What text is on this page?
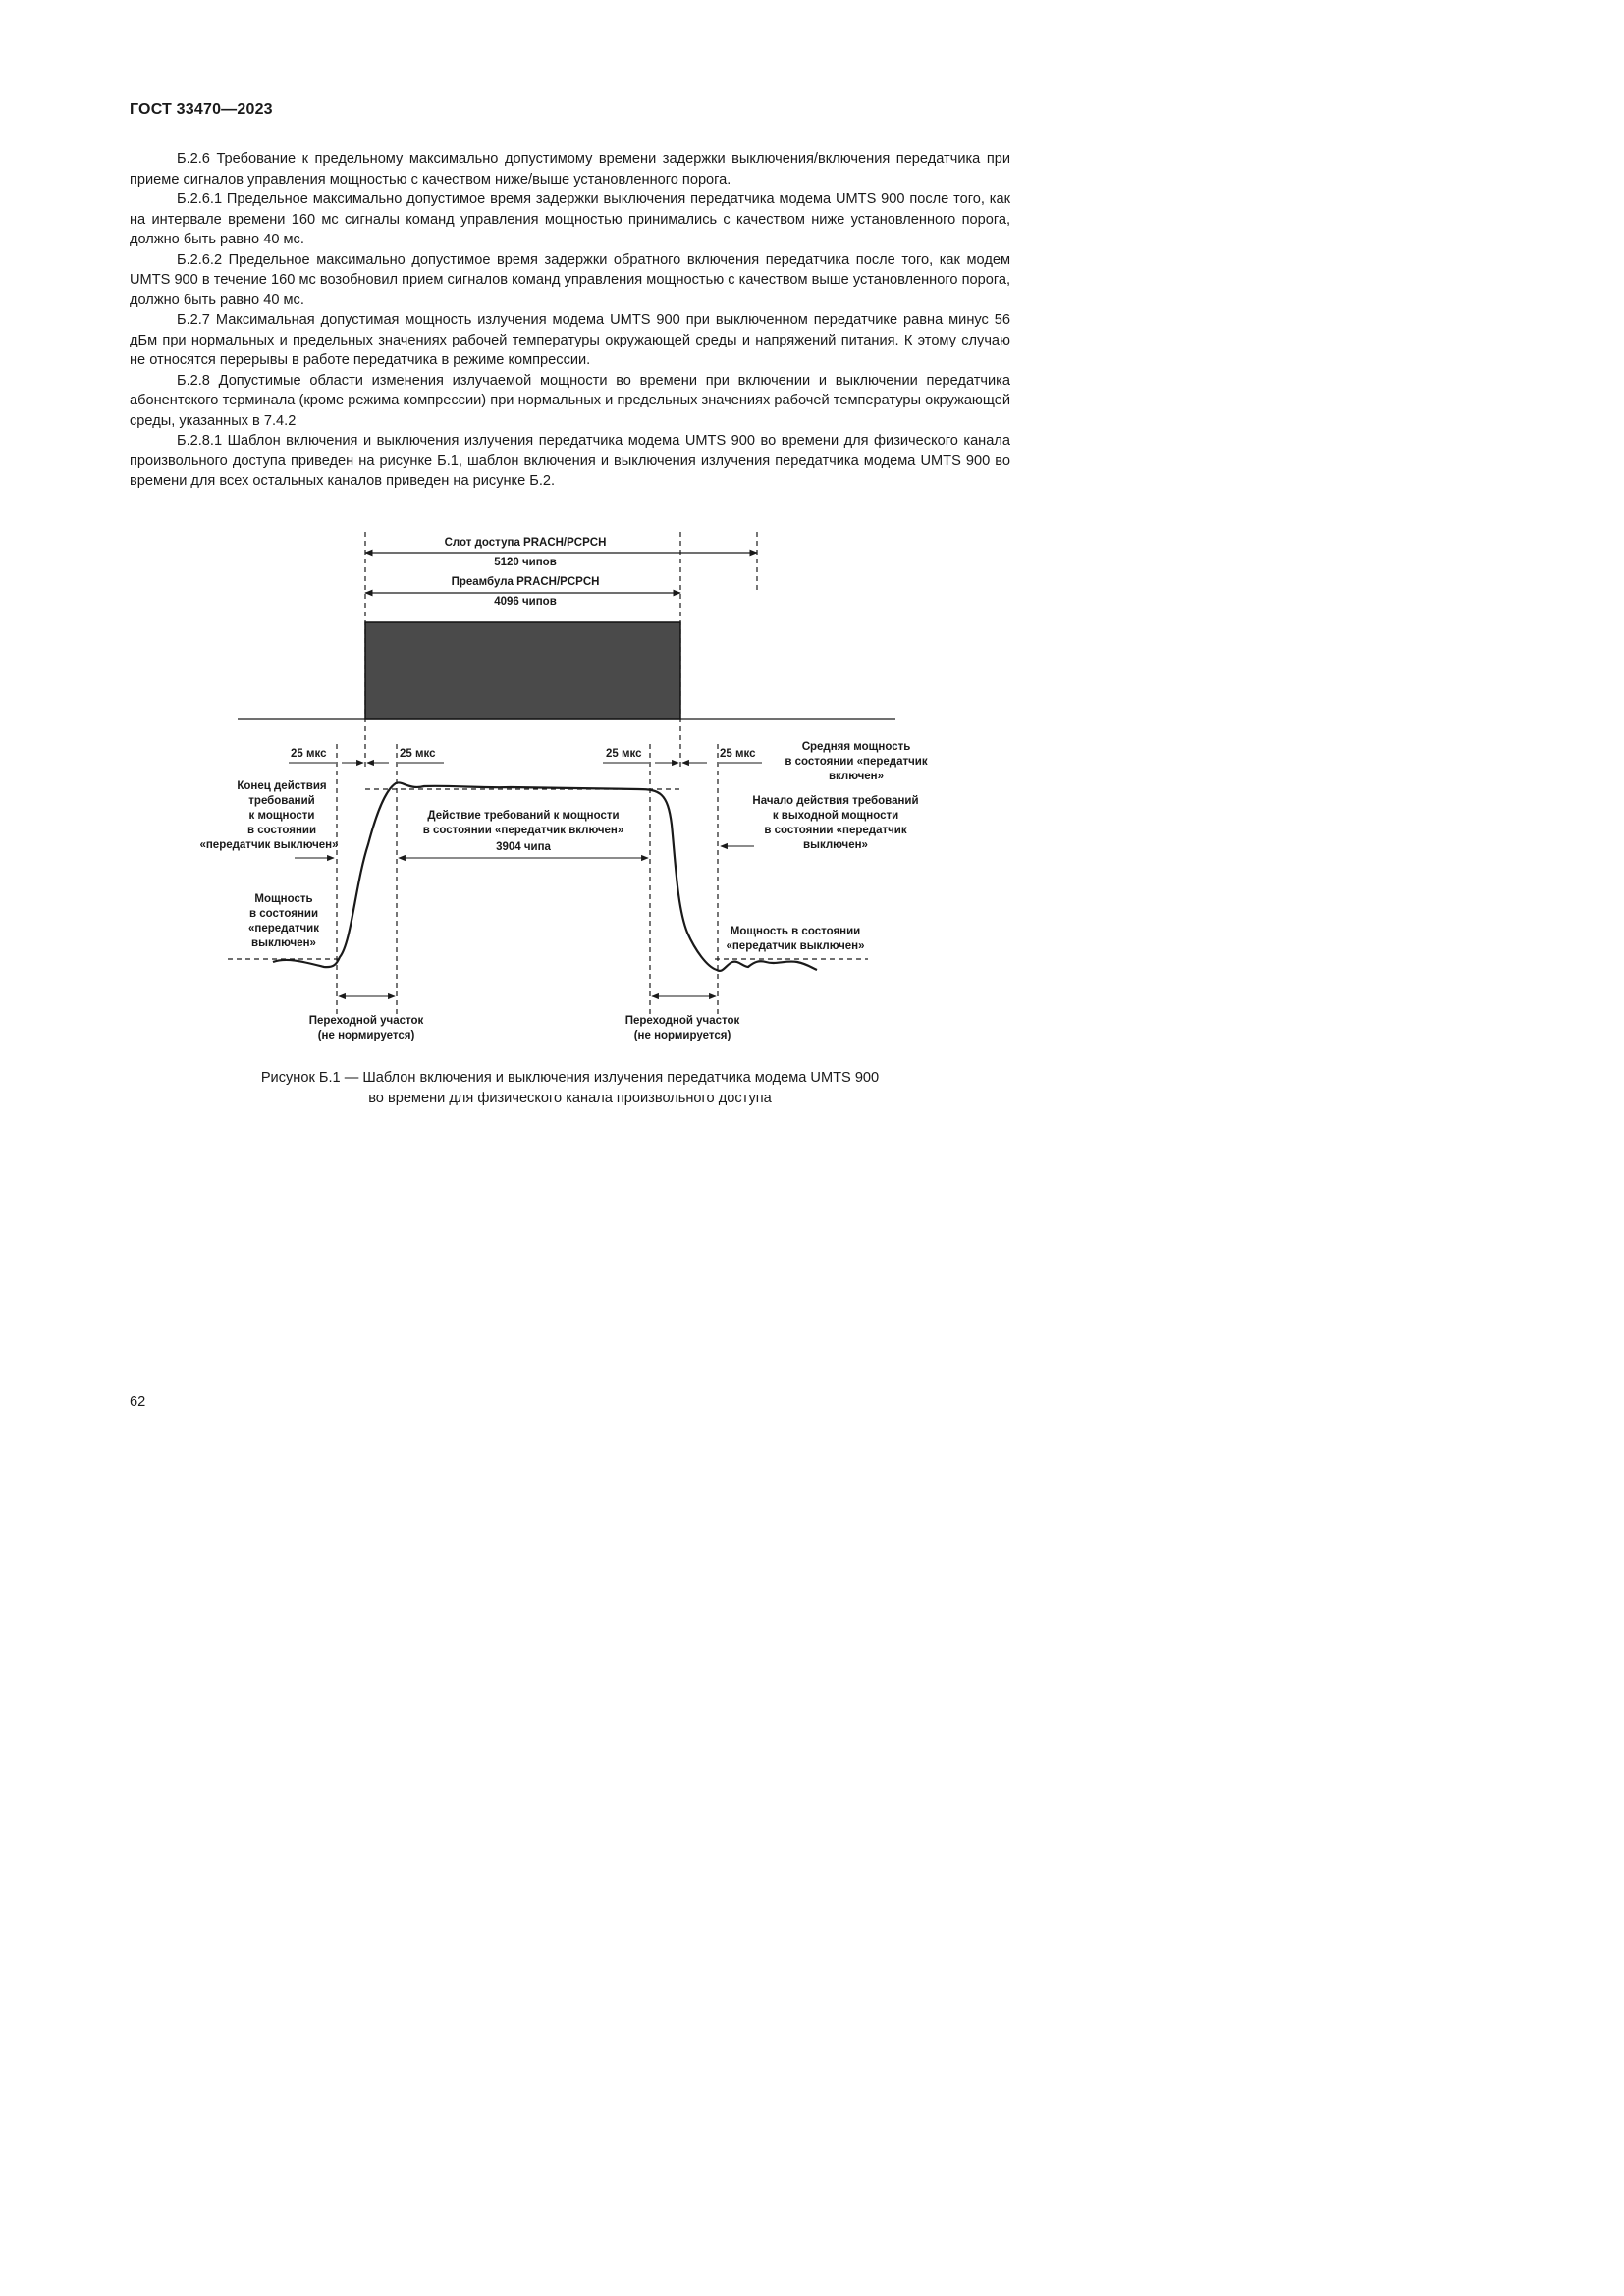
ГОСТ 33470—2023

Б.2.6 Требование к предельному максимально допустимому времени задержки выключения/включения передатчика при приеме сигналов управления мощностью с качеством ниже/выше установленного порога.

Б.2.6.1 Предельное максимально допустимое время задержки выключения передатчика модема UMTS 900 после того, как на интервале времени 160 мс сигналы команд управления мощностью принимались с качеством ниже установленного порога, должно быть равно 40 мс.

Б.2.6.2 Предельное максимально допустимое время задержки обратного включения передатчика после того, как модем UMTS 900 в течение 160 мс возобновил прием сигналов команд управления мощностью с качеством выше установленного порога, должно быть равно 40 мс.

Б.2.7 Максимальная допустимая мощность излучения модема UMTS 900 при выключенном передатчике равна минус 56 дБм при нормальных и предельных значениях рабочей температуры окружающей среды и напряжений питания. К этому случаю не относятся перерывы в работе передатчика в режиме компрессии.

Б.2.8 Допустимые области изменения излучаемой мощности во времени при включении и выключении передатчика абонентского терминала (кроме режима компрессии) при нормальных и предельных значениях рабочей температуры окружающей среды, указанных в 7.4.2

Б.2.8.1 Шаблон включения и выключения излучения передатчика модема UMTS 900 во времени для физического канала произвольного доступа приведен на рисунке Б.1, шаблон включения и выключения излучения передатчика модема UMTS 900 во времени для всех остальных каналов приведен на рисунке Б.2.

Слот доступа PRACH/PCPCH
5120 чипов
Преамбула PRACH/PCPCH
4096 чипов
25 мкс	25 мкс	25 мкс	25 мкс
Средняя мощность
в состоянии «передатчик
включен»
Конец действия
требований
к мощности
в состоянии
«передатчик выключен»
Начало действия требований
к выходной мощности
в состоянии «передатчик
выключен»
Действие требований к мощности
в состоянии «передатчик включен»
3904 чипа
Мощность
в состоянии
«передатчик
выключен»
Мощность в состоянии
«передатчик выключен»
Переходной участок
(не нормируется)
Переходной участок
(не нормируется)
Рисунок Б.1 — Шаблон включения и выключения излучения передатчика модема UMTS 900
во времени для физического канала произвольного доступа
62
